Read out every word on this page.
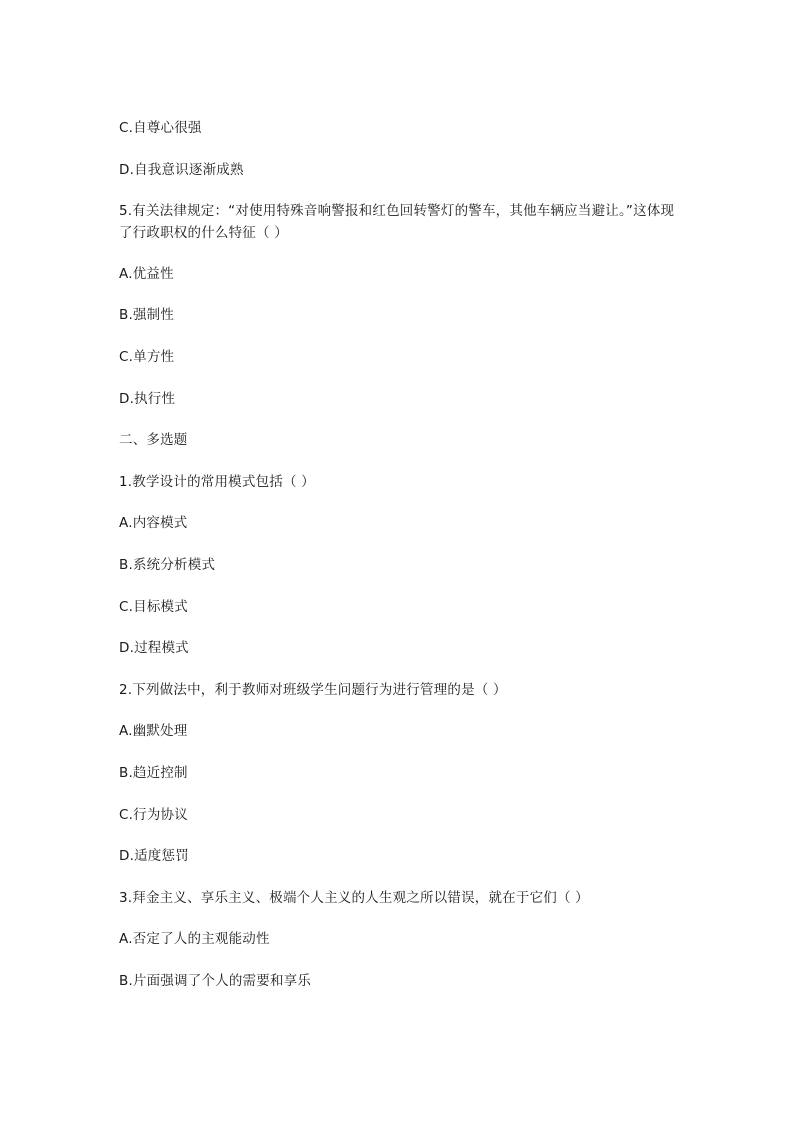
C.自尊心很强
D.自我意识逐渐成熟
5.有关法律规定：“对使用特殊音响警报和红色回转警灯的警车，其他车辆应当避让。”这体现了行政职权的什么特征（ ）
A.优益性
B.强制性
C.单方性
D.执行性
二、多选题
1.教学设计的常用模式包括（ ）
A.内容模式
B.系统分析模式
C.目标模式
D.过程模式
2.下列做法中，利于教师对班级学生问题行为进行管理的是（ ）
A.幽默处理
B.趋近控制
C.行为协议
D.适度惩罚
3.拜金主义、享乐主义、极端个人主义的人生观之所以错误，就在于它们（ ）
A.否定了人的主观能动性
B.片面强调了个人的需要和享乐
